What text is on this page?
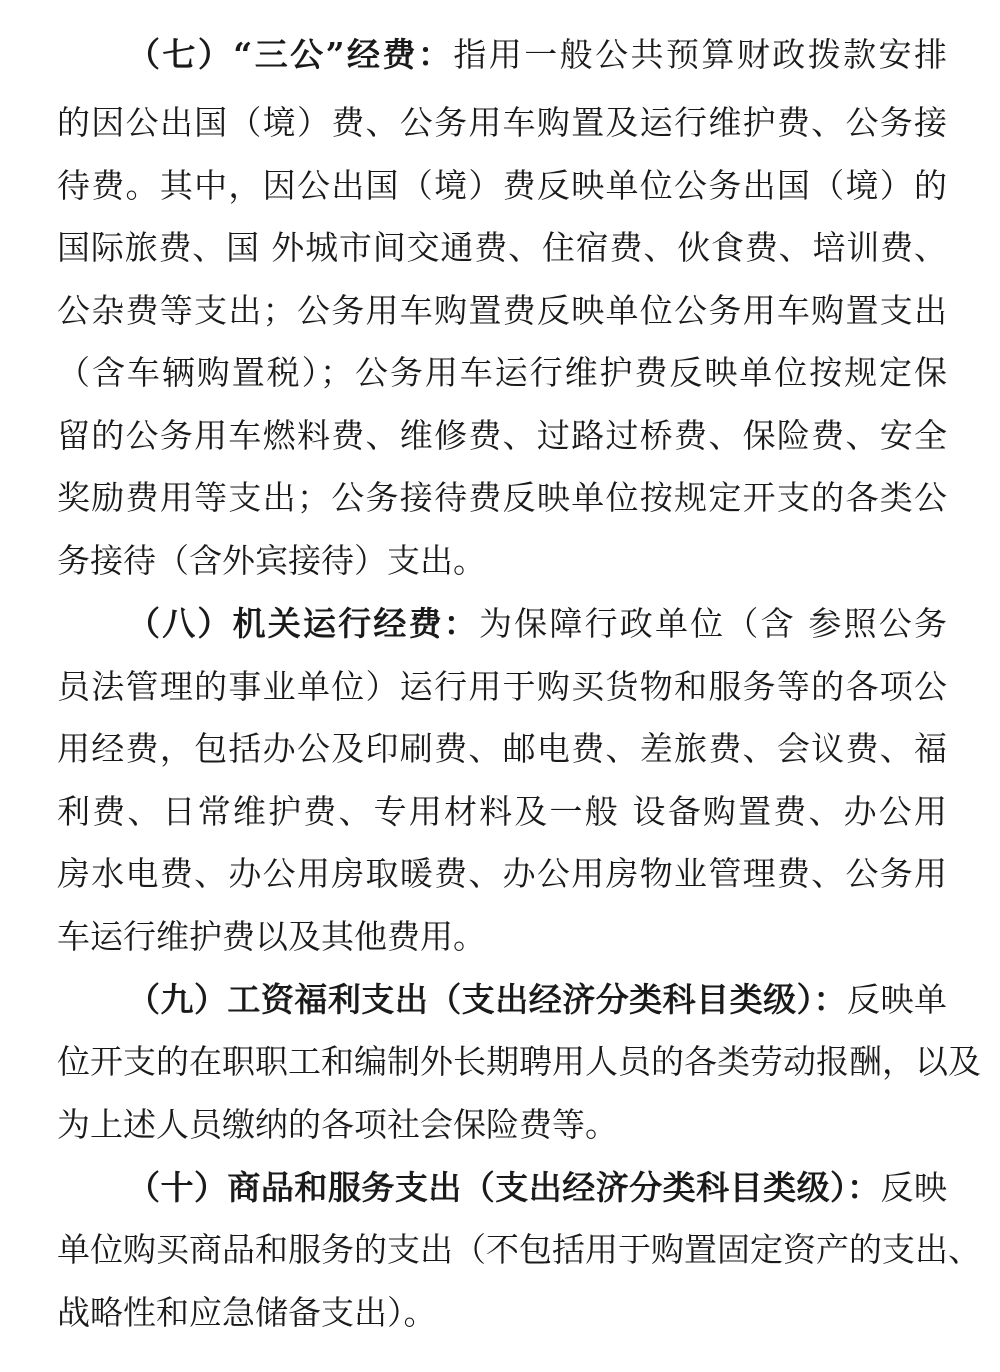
（七）“三公”经费：指用一般公共预算财政拨款安排
的因公出国（境）费、公务用车购置及运行维护费、公务接
待费。其中，因公出国（境）费反映单位公务出国（境）的
国际旅费、国 外城市间交通费、住宿费、伙食费、培训费、
公杂费等支出；公务用车购置费反映单位公务用车购置支出
（含车辆购置税）；公务用车运行维护费反映单位按规定保
留的公务用车燃料费、维修费、过路过桥费、保险费、安全
奖励费用等支出；公务接待费反映单位按规定开支的各类公
务接待（含外宾接待）支出。
（八）机关运行经费：为保障行政单位（含 参照公务
员法管理的事业单位）运行用于购买货物和服务等的各项公
用经费，包括办公及印刷费、邮电费、差旅费、会议费、福
利费、日常维护费、专用材料及一般 设备购置费、办公用
房水电费、办公用房取暖费、办公用房物业管理费、公务用
车运行维护费以及其他费用。
（九）工资福利支出（支出经济分类科目类级）：反映单
位开支的在职职工和编制外长期聘用人员的各类劳动报酬，以及
为上述人员缴纳的各项社会保险费等。
（十）商品和服务支出（支出经济分类科目类级）：反映
单位购买商品和服务的支出（不包括用于购置固定资产的支出、
战略性和应急储备支出）。
